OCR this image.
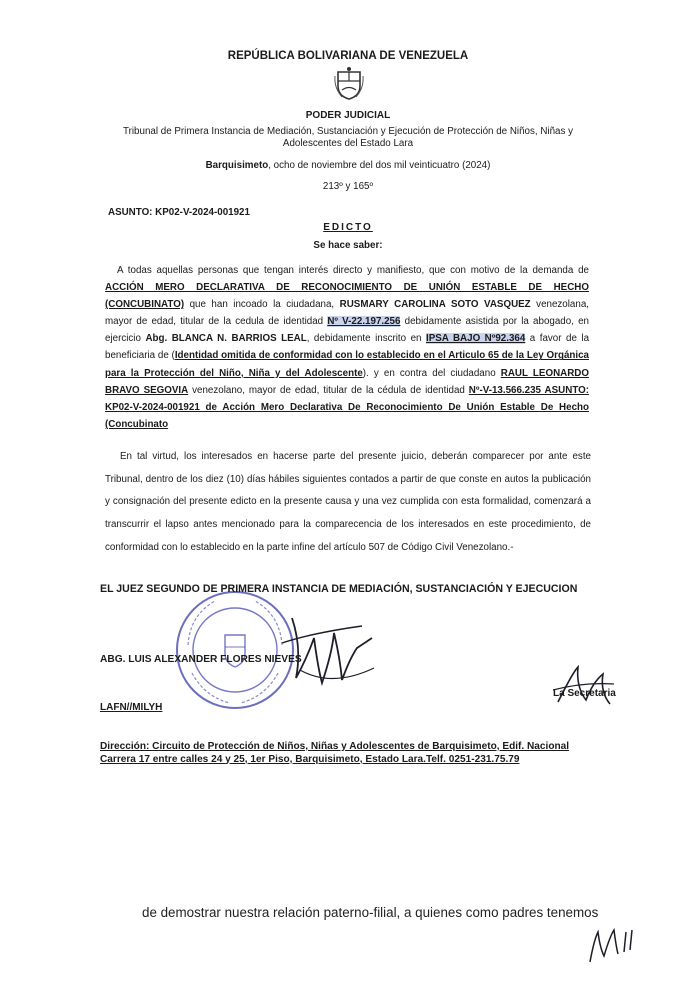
REPÚBLICA BOLIVARIANA DE VENEZUELA
PODER JUDICIAL
Tribunal de Primera Instancia de Mediación, Sustanciación y Ejecución de Protección de Niños, Niñas y Adolescentes del Estado Lara
Barquisimeto, ocho de noviembre del dos mil veinticuatro (2024)
213º y 165º
ASUNTO: KP02-V-2024-001921
EDICTO
Se hace saber:
A todas aquellas personas que tengan interés directo y manifiesto, que con motivo de la demanda de ACCIÓN MERO DECLARATIVA DE RECONOCIMIENTO DE UNIÓN ESTABLE DE HECHO (CONCUBINATO) que han incoado la ciudadana, RUSMARY CAROLINA SOTO VASQUEZ venezolana, mayor de edad, titular de la cedula de identidad Nº V-22.197.256 debidamente asistida por la abogado, en ejercicio Abg. BLANCA N. BARRIOS LEAL, debidamente inscrito en IPSA BAJO Nº92.364 a favor de la beneficiaria de (Identidad omitida de conformidad con lo establecido en el Articulo 65 de la Ley Orgánica para la Protección del Niño, Niña y del Adolescente). y en contra del ciudadano RAUL LEONARDO BRAVO SEGOVIA venezolano, mayor de edad, titular de la cédula de identidad Nº-V-13.566.235 ASUNTO: KP02-V-2024-001921 de Acción Mero Declarativa De Reconocimiento De Unión Estable De Hecho (Concubinato
En tal virtud, los interesados en hacerse parte del presente juicio, deberán comparecer por ante este Tribunal, dentro de los diez (10) días hábiles siguientes contados a partir de que conste en autos la publicación y consignación del presente edicto en la presente causa y una vez cumplida con esta formalidad, comenzará a transcurrir el lapso antes mencionado para la comparecencia de los interesados en este procedimiento, de conformidad con lo establecido en la parte infine del artículo 507 de Código Civil Venezolano.-
EL JUEZ SEGUNDO DE PRIMERA INSTANCIA DE MEDIACIÓN, SUSTANCIACIÓN Y EJECUCION
ABG. LUIS ALEXANDER FLORES NIEVES
La Secretaria
LAFN//MILYH
Dirección: Circuito de Protección de Niños, Niñas y Adolescentes de Barquisimeto, Edif. Nacional Carrera 17 entre calles 24 y 25, 1er Piso, Barquisimeto, Estado Lara.Telf. 0251-231.75.79
de demostrar nuestra relación paterno-filial, a quienes como padres tenemos
